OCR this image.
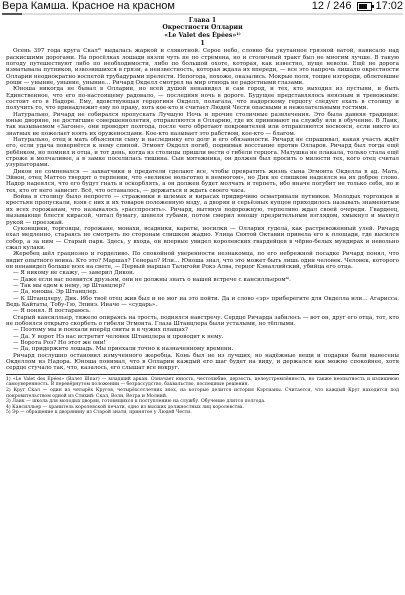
Вера Камша. Красное на красном	12 / 246 17:02
Глава 1
Окрестности Олларии
«Le Valet des Épées»¹⁾
1

Осень 397 года круга Скал²⁾ выдалась жаркой и слякотной. Серое небо, словно бы укутанное грязной ватой, нависало над раскисшими дорогами. На просёлках лошади вязли чуть не по стремена, но и столичный тракт был не многим лучше. В такую погоду путешествуют либо по необходимости, либо по большой охоте, которая, как известно, пуще неволи. Ещё не дорога изматывала путников, извозившихся в грязи, а неизвестность, которая ждала их впереди, — все это напрочь лишало окрестности Олларии неоднократно воспетой трубадурами прелести. Непогода, похоже, оказались. Мокрые поля, тощие изгороди, облетевшие рощи — уныние, уныние, уныние… Ричард Окделл смотрел на мир отнюдь не радостными глазами.

Юноша никогда не бывал в Олларии, но всей душой ненавидел и сам город, и тех, кто выходил из пустыни, и быть Единственное, что его по-настоящему радовало, — последняя ночь в дороге. Будущее представлялось неясным и тревожным: состоит его в Надоре. Ему, вдовствующая герцогиня Окделл, полагала, что надорскому герцогу следует ехать в столицу и получить то, что принадлежит ему по праву, хоть кое-кто и считает Людей Чести опасными и нежелательными гостями.

Натурально, Ричард не собирался пропускать Лучшую Ночь и прочие столичные развлечения. Это была давняя традиция: юные дворяне, не достигшие совершеннолетия, отправляются в Олларию, где их принимают на службу или в обучение. В Лаик, так называемом «Загоне», они проводят полгода, после чего обретают покровителей или отправляются восвояси, если никто из знатных не пожелает взять их оруженосцами. Кое-кто называет это рабством, кое-кто — благом.

Натурально, отец и мать объясняли сыну и наследнику его долг и его обязанности. Ричард не спрашивал, какая участь ждёт его, если удача повернётся к нему спиной. Эгмонт Окделл погиб, поднимая восстание против Олларов. Ричард был тогда ещё ребёнком, но помнил и отца, и тот день, когда из столицы пришли вести о гибели герцога. Матушка не плакала, только стала ещё строже и молчаливее, а в замке поселилась тишина. Сын мятежника, он должен был просить о милости тех, кого отец считал узурпаторами.

Дикон не сомневался — захватчики и предатели сделают все, чтобы превратить жизнь сына Эгмонта Окделла в ад. Мать, Эйвон, отец Маттео твердят о терпении, что «великое вольготно в немногом», но Дик не слишком надеялся на их доброе слово. Надор надеялся, что его будут гнать и оскорблять, а он должен будет молчать и терпеть, ибо иначе погубит не только себя, но и тех, кто от него зависит. Всё, что оставалось, — держаться и ждать своего часа.

Война в столицу было непросто — стражники в шлемах и кирасах придирчиво осматривали путников. Молодых торговцев и крестьян пропускали, взяв с них и их товаров положенную мзду, а дворян и серьёзных купцов приходилось называть знаменитым их всех горожанам, что называлось «расспросить». Ричард, вытянув подорожную, терпеливо ждал своей очереди. Гвардеец, вызывающе блестя кирасой, читал бумагу, шевеля губами, потом смерил юношу презрительным взглядом, хмыкнул и махнул рукой — проезжай.

Суконщики, торговцы, горожане, монахи, всадники, кареты, носилки — Оллария гудела, как растревоженный улей. Ричард ехал медленно, стараясь не смотреть по сторонам слишком жадно. Улица Святой Октавии привела его к площади, где высился собор, а за ним — Старый парк. Здесь, у входа, он впервые увидел королевских гвардейцев в чёрно-белых мундирах и невольно сжал кулаки.

Жеребец шёл грациозно и горделиво. По спокойной уверенности незнакомца, по его небрежной посадке Ричард понял, что видит опытного воина. Кто это? Маршал? Генерал? Или… Юноша знал, что это может быть лишь один человек. Человек, которого он ненавидел больше всех на свете, — Первый маршал Талигойи Рокэ Алва, герцог Кэналлийский, убийца его отца.

— Я никому не скажу, — заверил Дикон.

— Даже если вас появится друзьям, они не должны знать о нашей встрече с кансилльером⁴⁾.

— Так мы едем к нему, эр Штанцлер?

— Да, юноша. Эр Штанцлер.

— К Штанцлеру, Дик. Ибо твоё отец жив был и не мог на это пойти. Да и слово «эр» приберегите для Окделла или… Агарисса. Ведь Кайтаты, Тобу-Гю, Эпинэ. Иначе — «сударь».

— Я понял. Я постараюсь.

Старый кансилльер, тяжело опираясь на трость, поднялся навстречу. Сердце Ричарда забилось — вот он, друг его отца, тот, кто не побоялся открыто скорбеть о гибели Эгмонта. Глаза Штанцлера были усталыми, но тёплыми.

— Поэтому мы и поехали вперёд свиты и в чужих плащах?

— Да. У ворот Нэ нас встретит человек Штанцлера и проводит к нему.

— Ворота Роз? Но этот же они!

— Да, придержите лошадь. Мы приехали точно к назначенному времени.

Ричард послушно остановил измученного жеребца. Конь был не из лучших, но надёжные вещи и подарки были вынесены Окделлом из Надора. Юноша понимал, что в Олларии каждый его шаг будет на виду, и держался как можно спокойнее, хотя сердце стучало так, что, казалось, его слышат все вокруг.

1) «Le Valet des Épées» (Валет Шпаг) — младший аркан. Означает юность, честолюбие, дерзость, целеустремлённость, но также неопытность и излишнюю самоуверенность. В перевёрнутом положении — безрассудство, бахвальство, поспешные решения.

2) Круг Скал — один из четырёх Кругов, четырёхсотлетних эпох, на которые делится история Кэртианы. Считается, что каждый Круг находится под покровительством одной из Стихий: Скал, Волн, Ветра и Молний.

3) Лаик — школа для молодых дворян, готовящихся к поступлению на службу. Обучение длится полгода.

4) Кансилльер — хранитель королевской печати, одно из высших должностных лиц королевства.

5) Эр — обращение к дворянину из Старой знати, принятое у Людей Чести.
